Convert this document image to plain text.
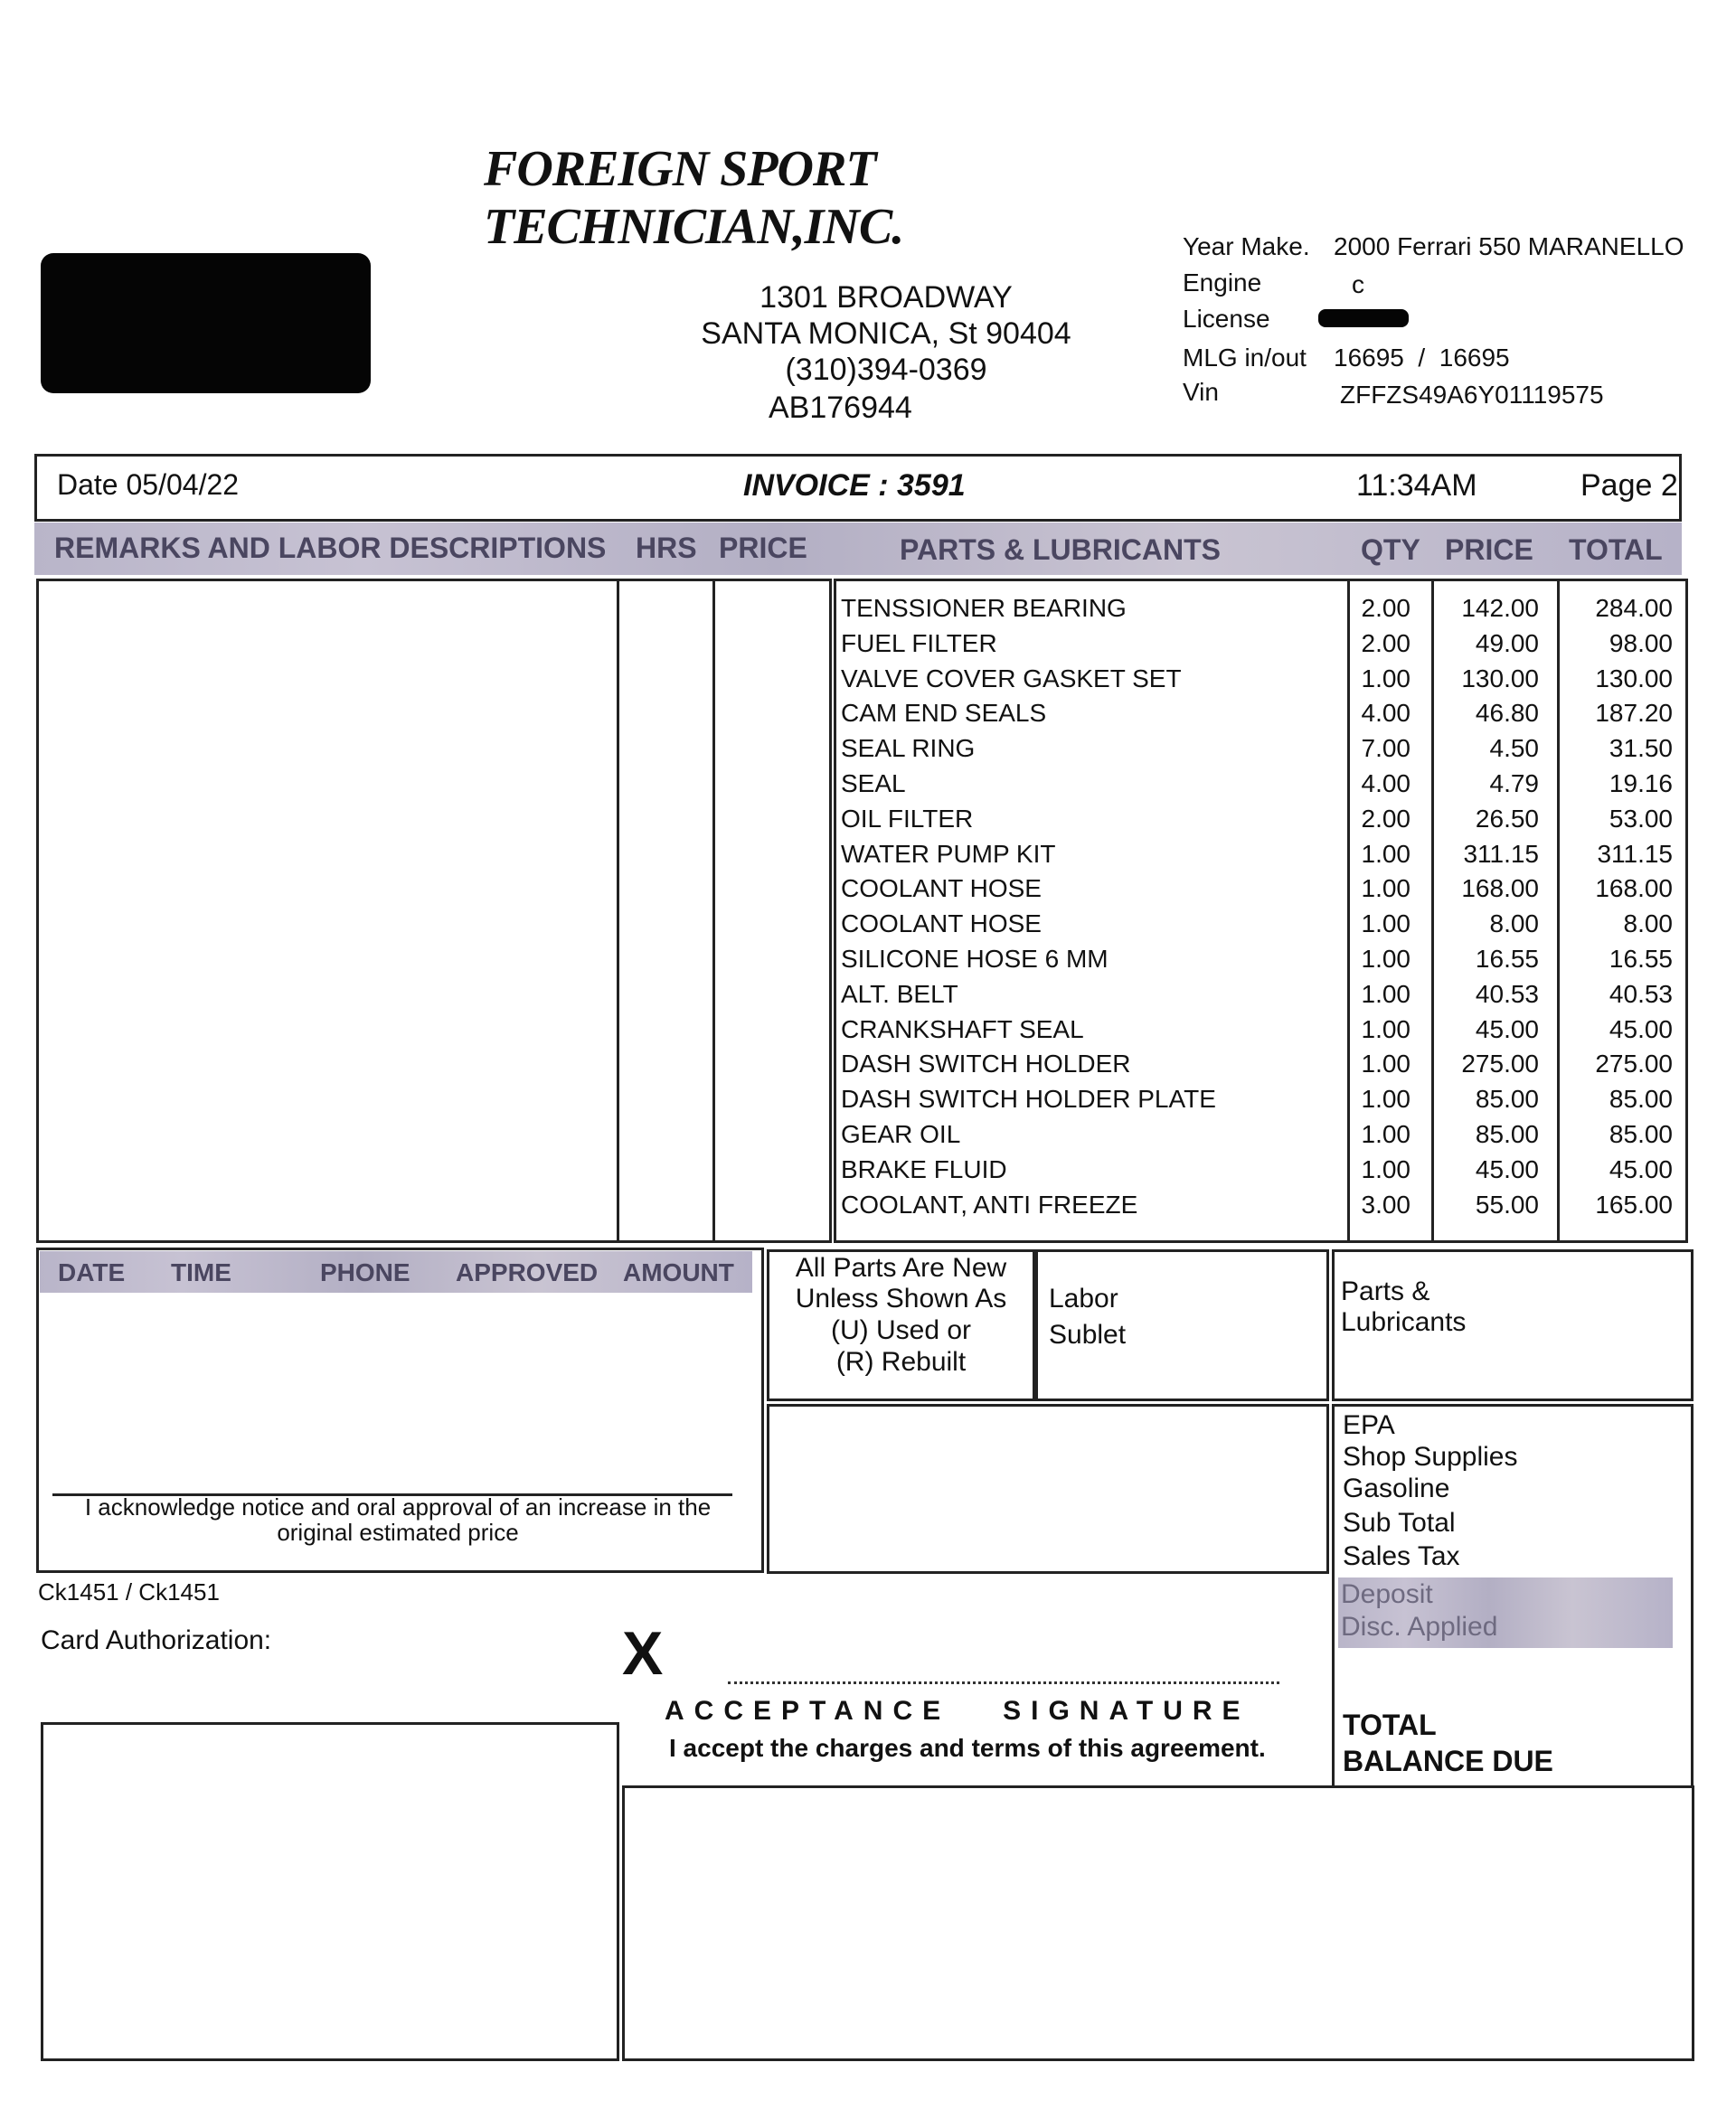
FOREIGN SPORT TECHNICIAN,INC.
1301 BROADWAY
SANTA MONICA, St 90404
(310)394-0369
AB176944
Year Make. 2000 Ferrari 550 MARANELLO
Engine	c
License
MLG in/out 16695  /  16695
Vin	ZFFZS49A6Y01119575
Date 05/04/22	INVOICE : 3591	11:34AM	Page 2
REMARKS AND LABOR DESCRIPTIONS HRS PRICE	PARTS & LUBRICANTS	QTY PRICE TOTAL
TENSSIONER BEARING	2.00	142.00	284.00
FUEL FILTER	2.00	49.00	98.00
VALVE COVER GASKET SET	1.00	130.00	130.00
CAM END SEALS	4.00	46.80	187.20
SEAL RING	7.00	4.50	31.50
SEAL	4.00	4.79	19.16
OIL FILTER	2.00	26.50	53.00
WATER PUMP KIT	1.00	311.15	311.15
COOLANT HOSE	1.00	168.00	168.00
COOLANT HOSE	1.00	8.00	8.00
SILICONE HOSE 6 MM	1.00	16.55	16.55
ALT. BELT	1.00	40.53	40.53
CRANKSHAFT SEAL	1.00	45.00	45.00
DASH SWITCH HOLDER	1.00	275.00	275.00
DASH SWITCH HOLDER PLATE	1.00	85.00	85.00
GEAR OIL	1.00	85.00	85.00
BRAKE FLUID	1.00	45.00	45.00
COOLANT, ANTI FREEZE	3.00	55.00	165.00
DATE TIME	PHONE APPROVED AMOUNT
I acknowledge notice and oral approval of an increase in the
original estimated price
All Parts Are New
Unless Shown As
(U) Used or
(R) Rebuilt
Labor
Sublet
Parts &
Lubricants
EPA
Shop Supplies
Gasoline
Sub Total
Sales Tax
Deposit
Disc. Applied
TOTAL
BALANCE DUE
Ck1451 / Ck1451
Card Authorization:	X
ACCEPTANCE   SIGNATURE
I accept the charges and terms of this agreement.
